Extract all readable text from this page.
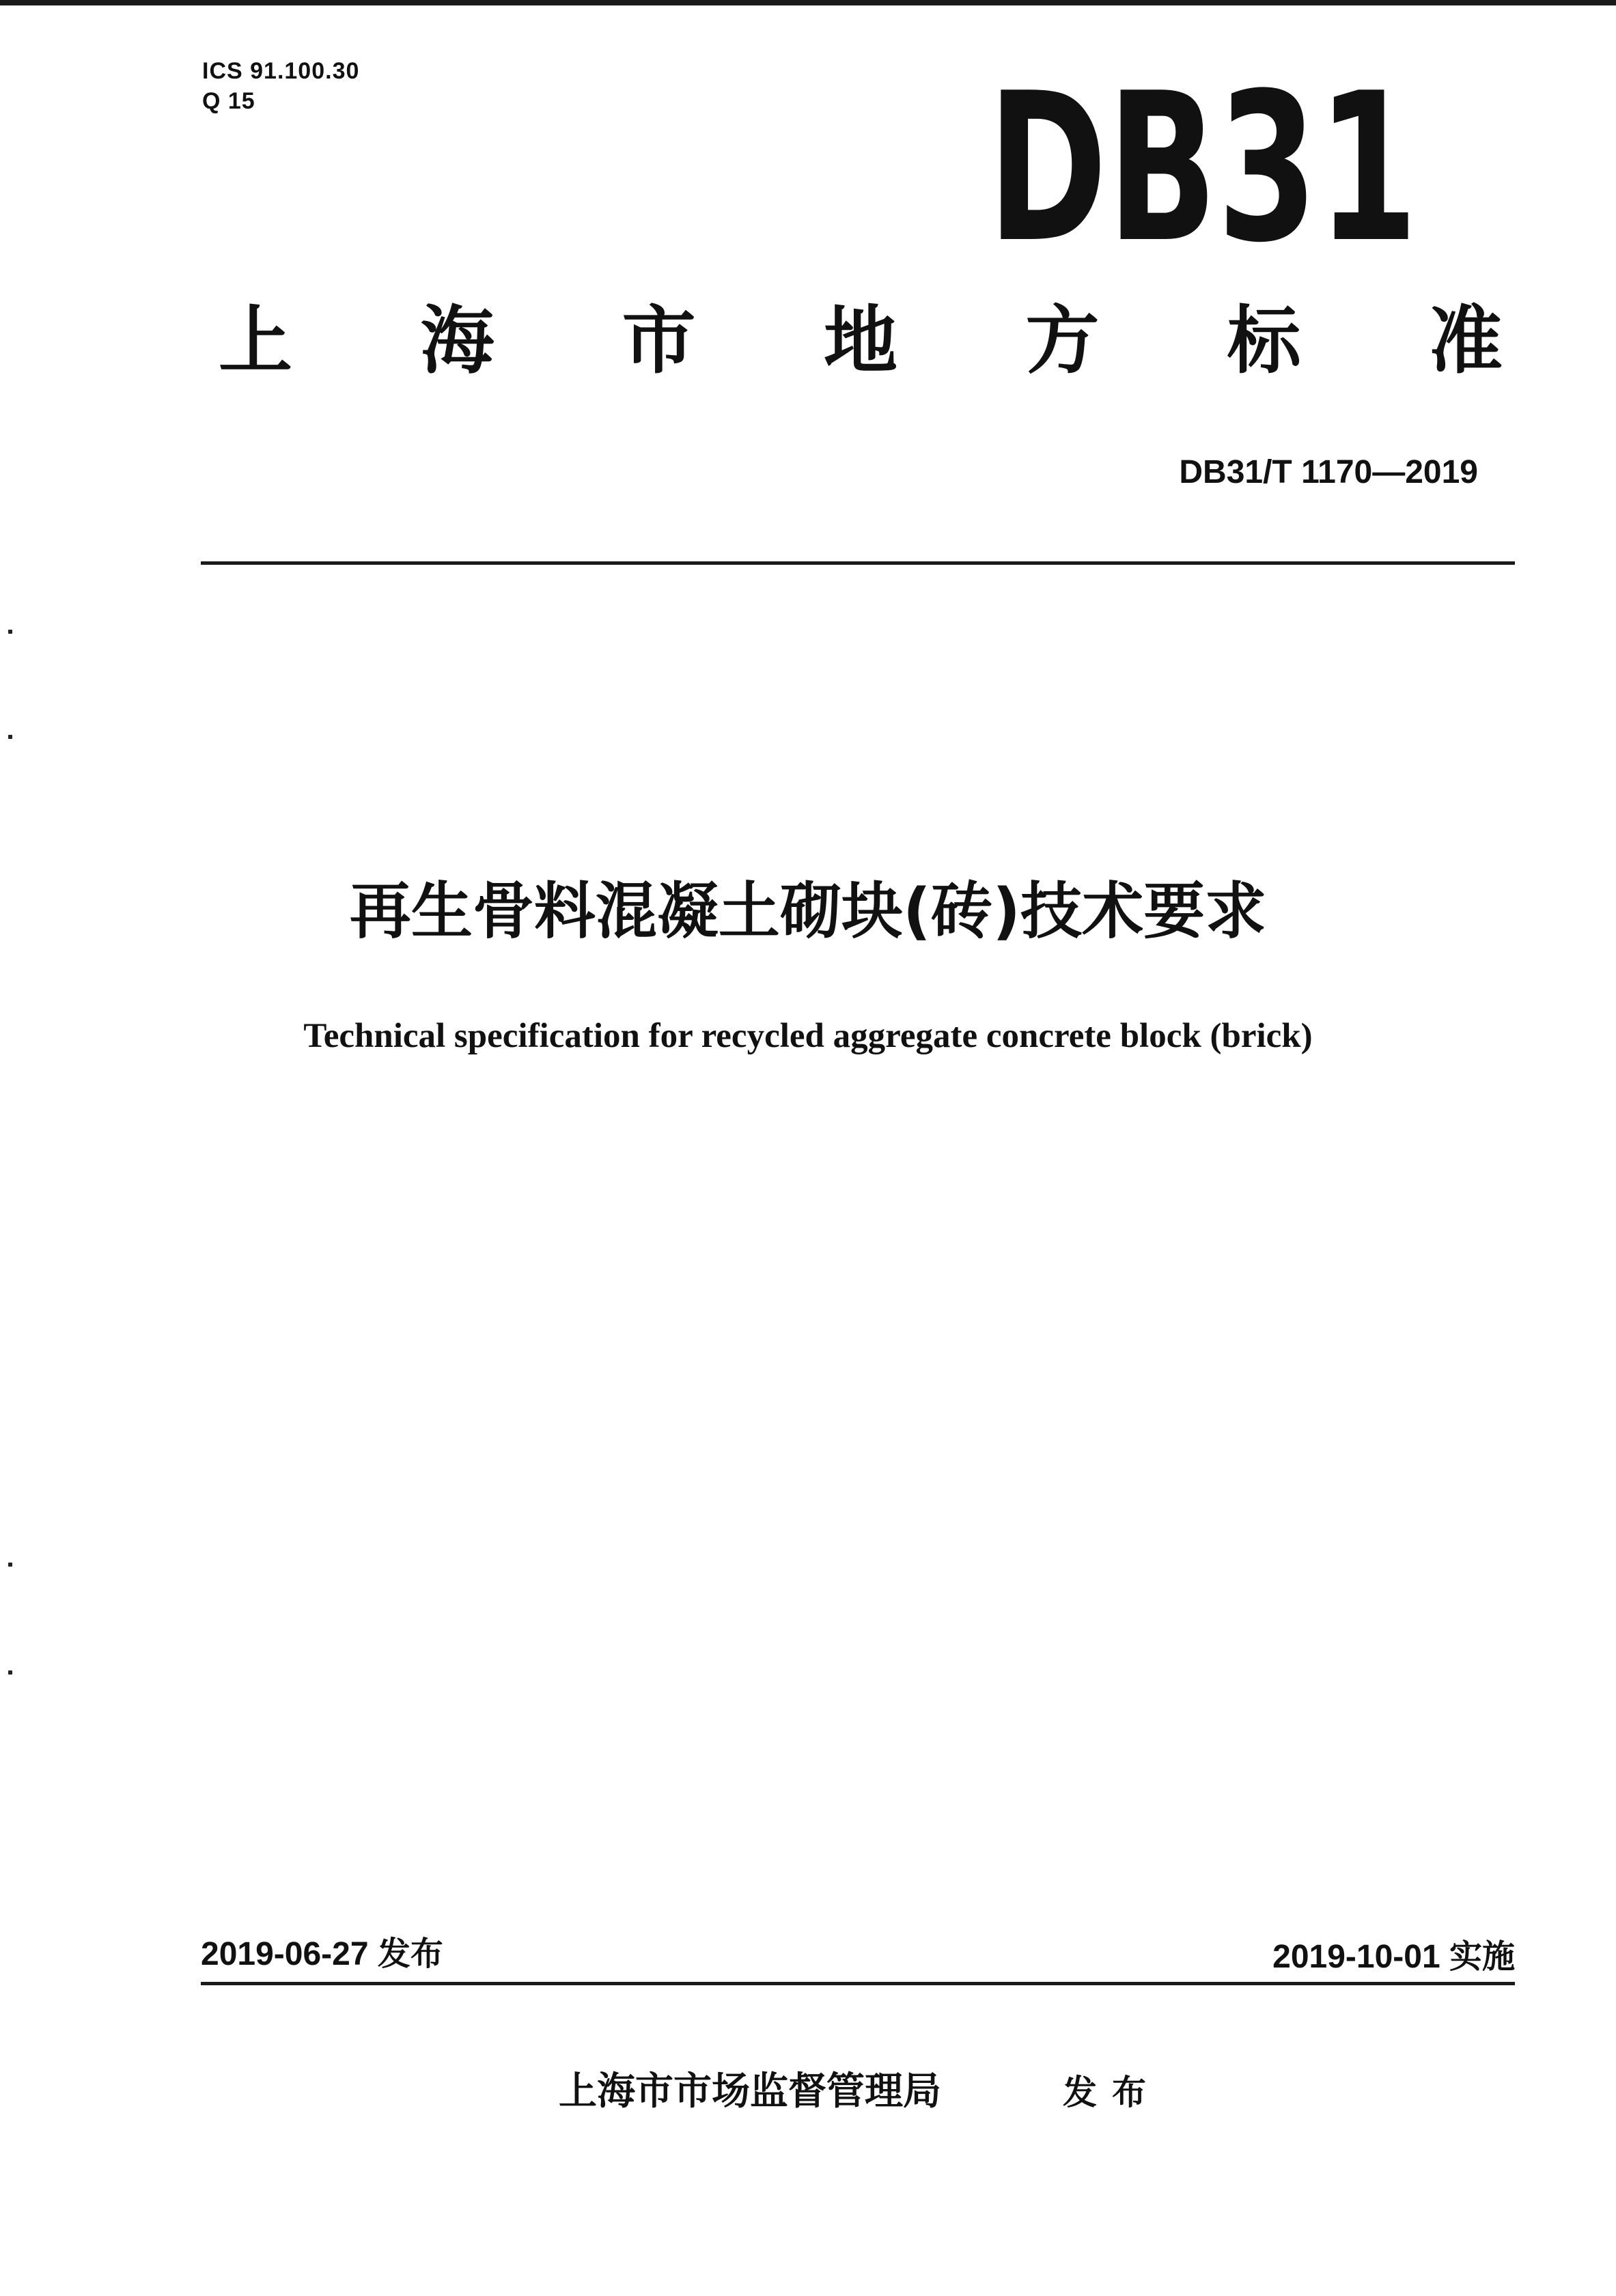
ICS 91.100.30
Q 15	DB31
上 海 市 地 方 标 准
DB31/T 1170—2019
再生骨料混凝土砌块(砖)技术要求
Technical specification for recycled aggregate concrete block (brick)
2019-06-27 发布	2019-10-01 实施
上海市市场监督管理局	发布
